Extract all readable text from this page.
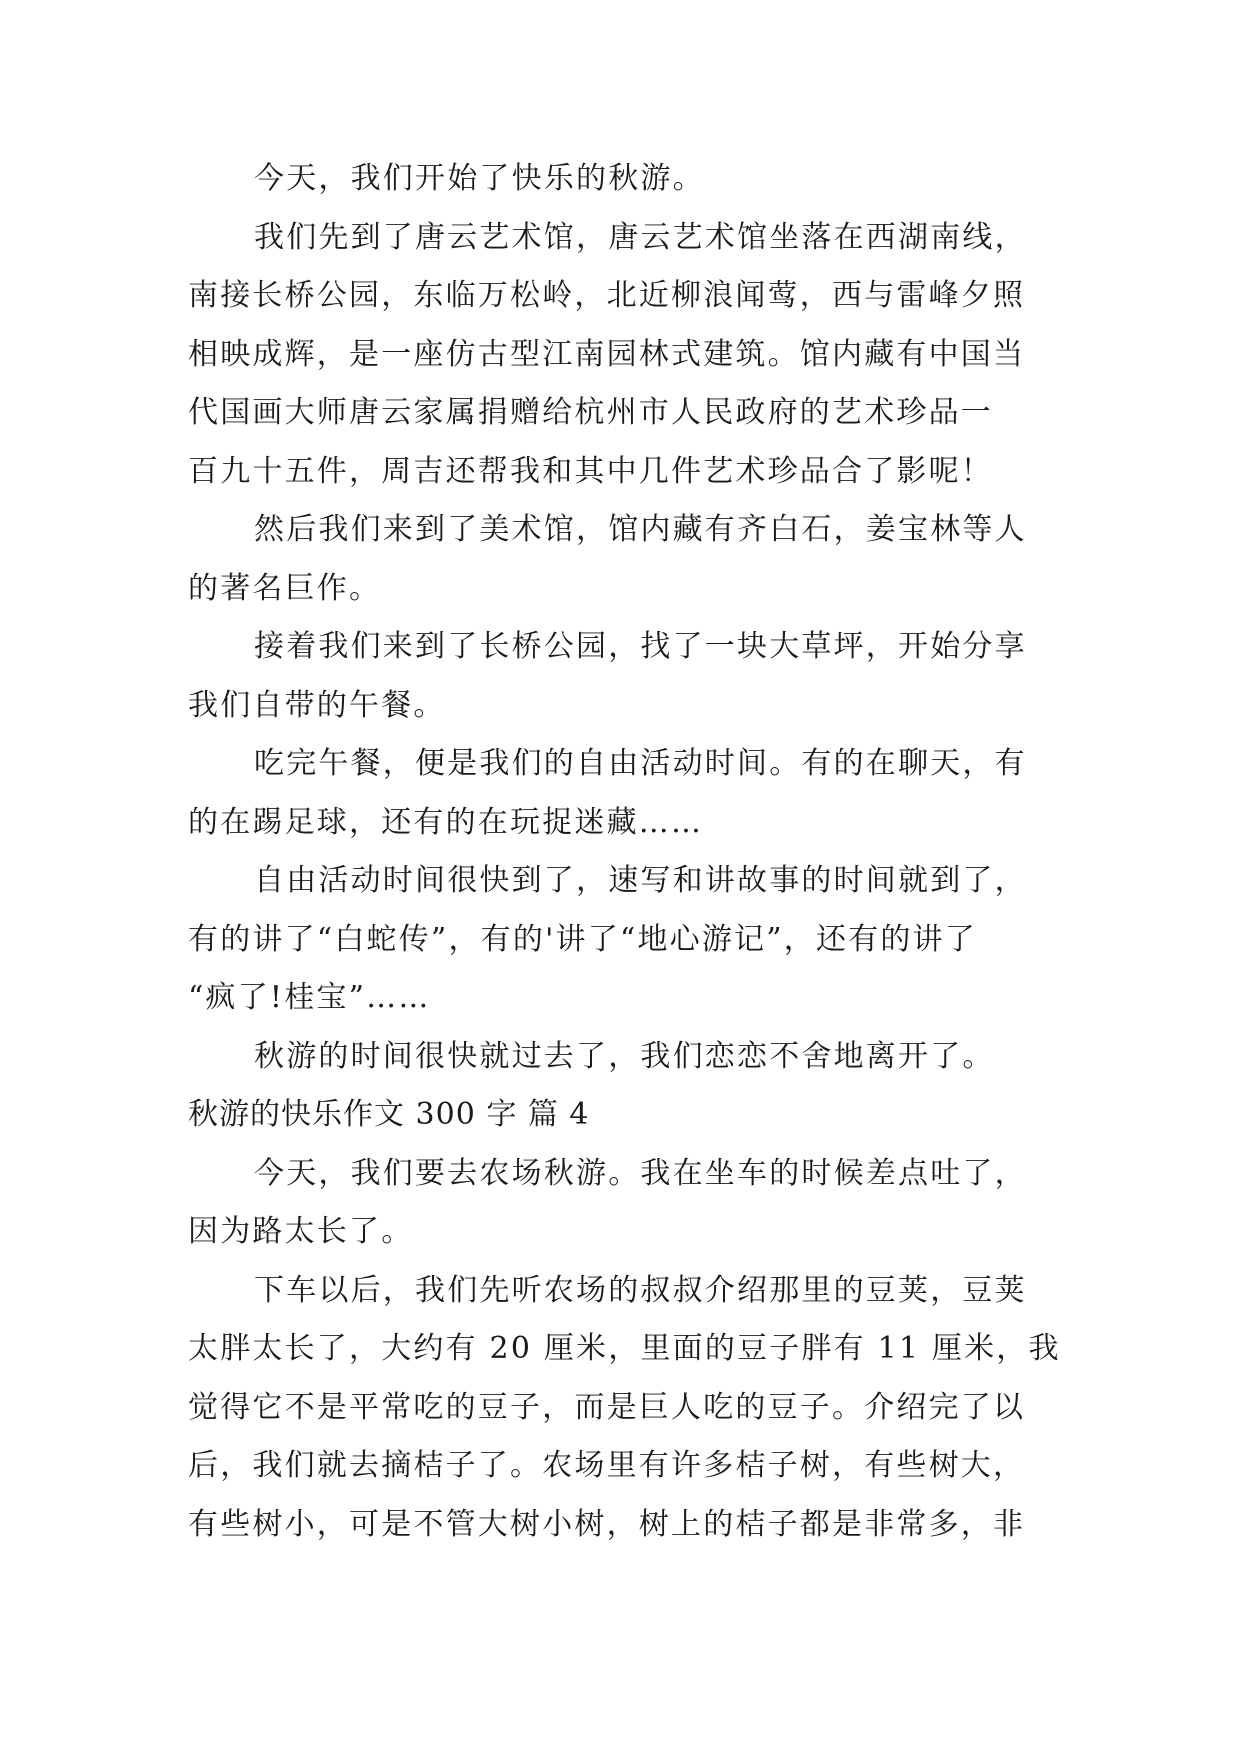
今天，我们开始了快乐的秋游。
我们先到了唐云艺术馆，唐云艺术馆坐落在西湖南线，
南接长桥公园，东临万松岭，北近柳浪闻莺，西与雷峰夕照
相映成辉，是一座仿古型江南园林式建筑。馆内藏有中国当
代国画大师唐云家属捐赠给杭州市人民政府的艺术珍品一
百九十五件，周吉还帮我和其中几件艺术珍品合了影呢！
然后我们来到了美术馆，馆内藏有齐白石，姜宝林等人
的著名巨作。
接着我们来到了长桥公园，找了一块大草坪，开始分享
我们自带的午餐。
吃完午餐，便是我们的自由活动时间。有的在聊天，有
的在踢足球，还有的在玩捉迷藏……
自由活动时间很快到了，速写和讲故事的时间就到了，
有的讲了“白蛇传”，有的'讲了“地心游记”，还有的讲了
“疯了!桂宝”……
秋游的时间很快就过去了，我们恋恋不舍地离开了。
秋游的快乐作文 300 字 篇 4
今天，我们要去农场秋游。我在坐车的时候差点吐了，
因为路太长了。
下车以后，我们先听农场的叔叔介绍那里的豆荚，豆荚
太胖太长了，大约有 20 厘米，里面的豆子胖有 11 厘米，我
觉得它不是平常吃的豆子，而是巨人吃的豆子。介绍完了以
后，我们就去摘桔子了。农场里有许多桔子树，有些树大，
有些树小，可是不管大树小树，树上的桔子都是非常多，非
